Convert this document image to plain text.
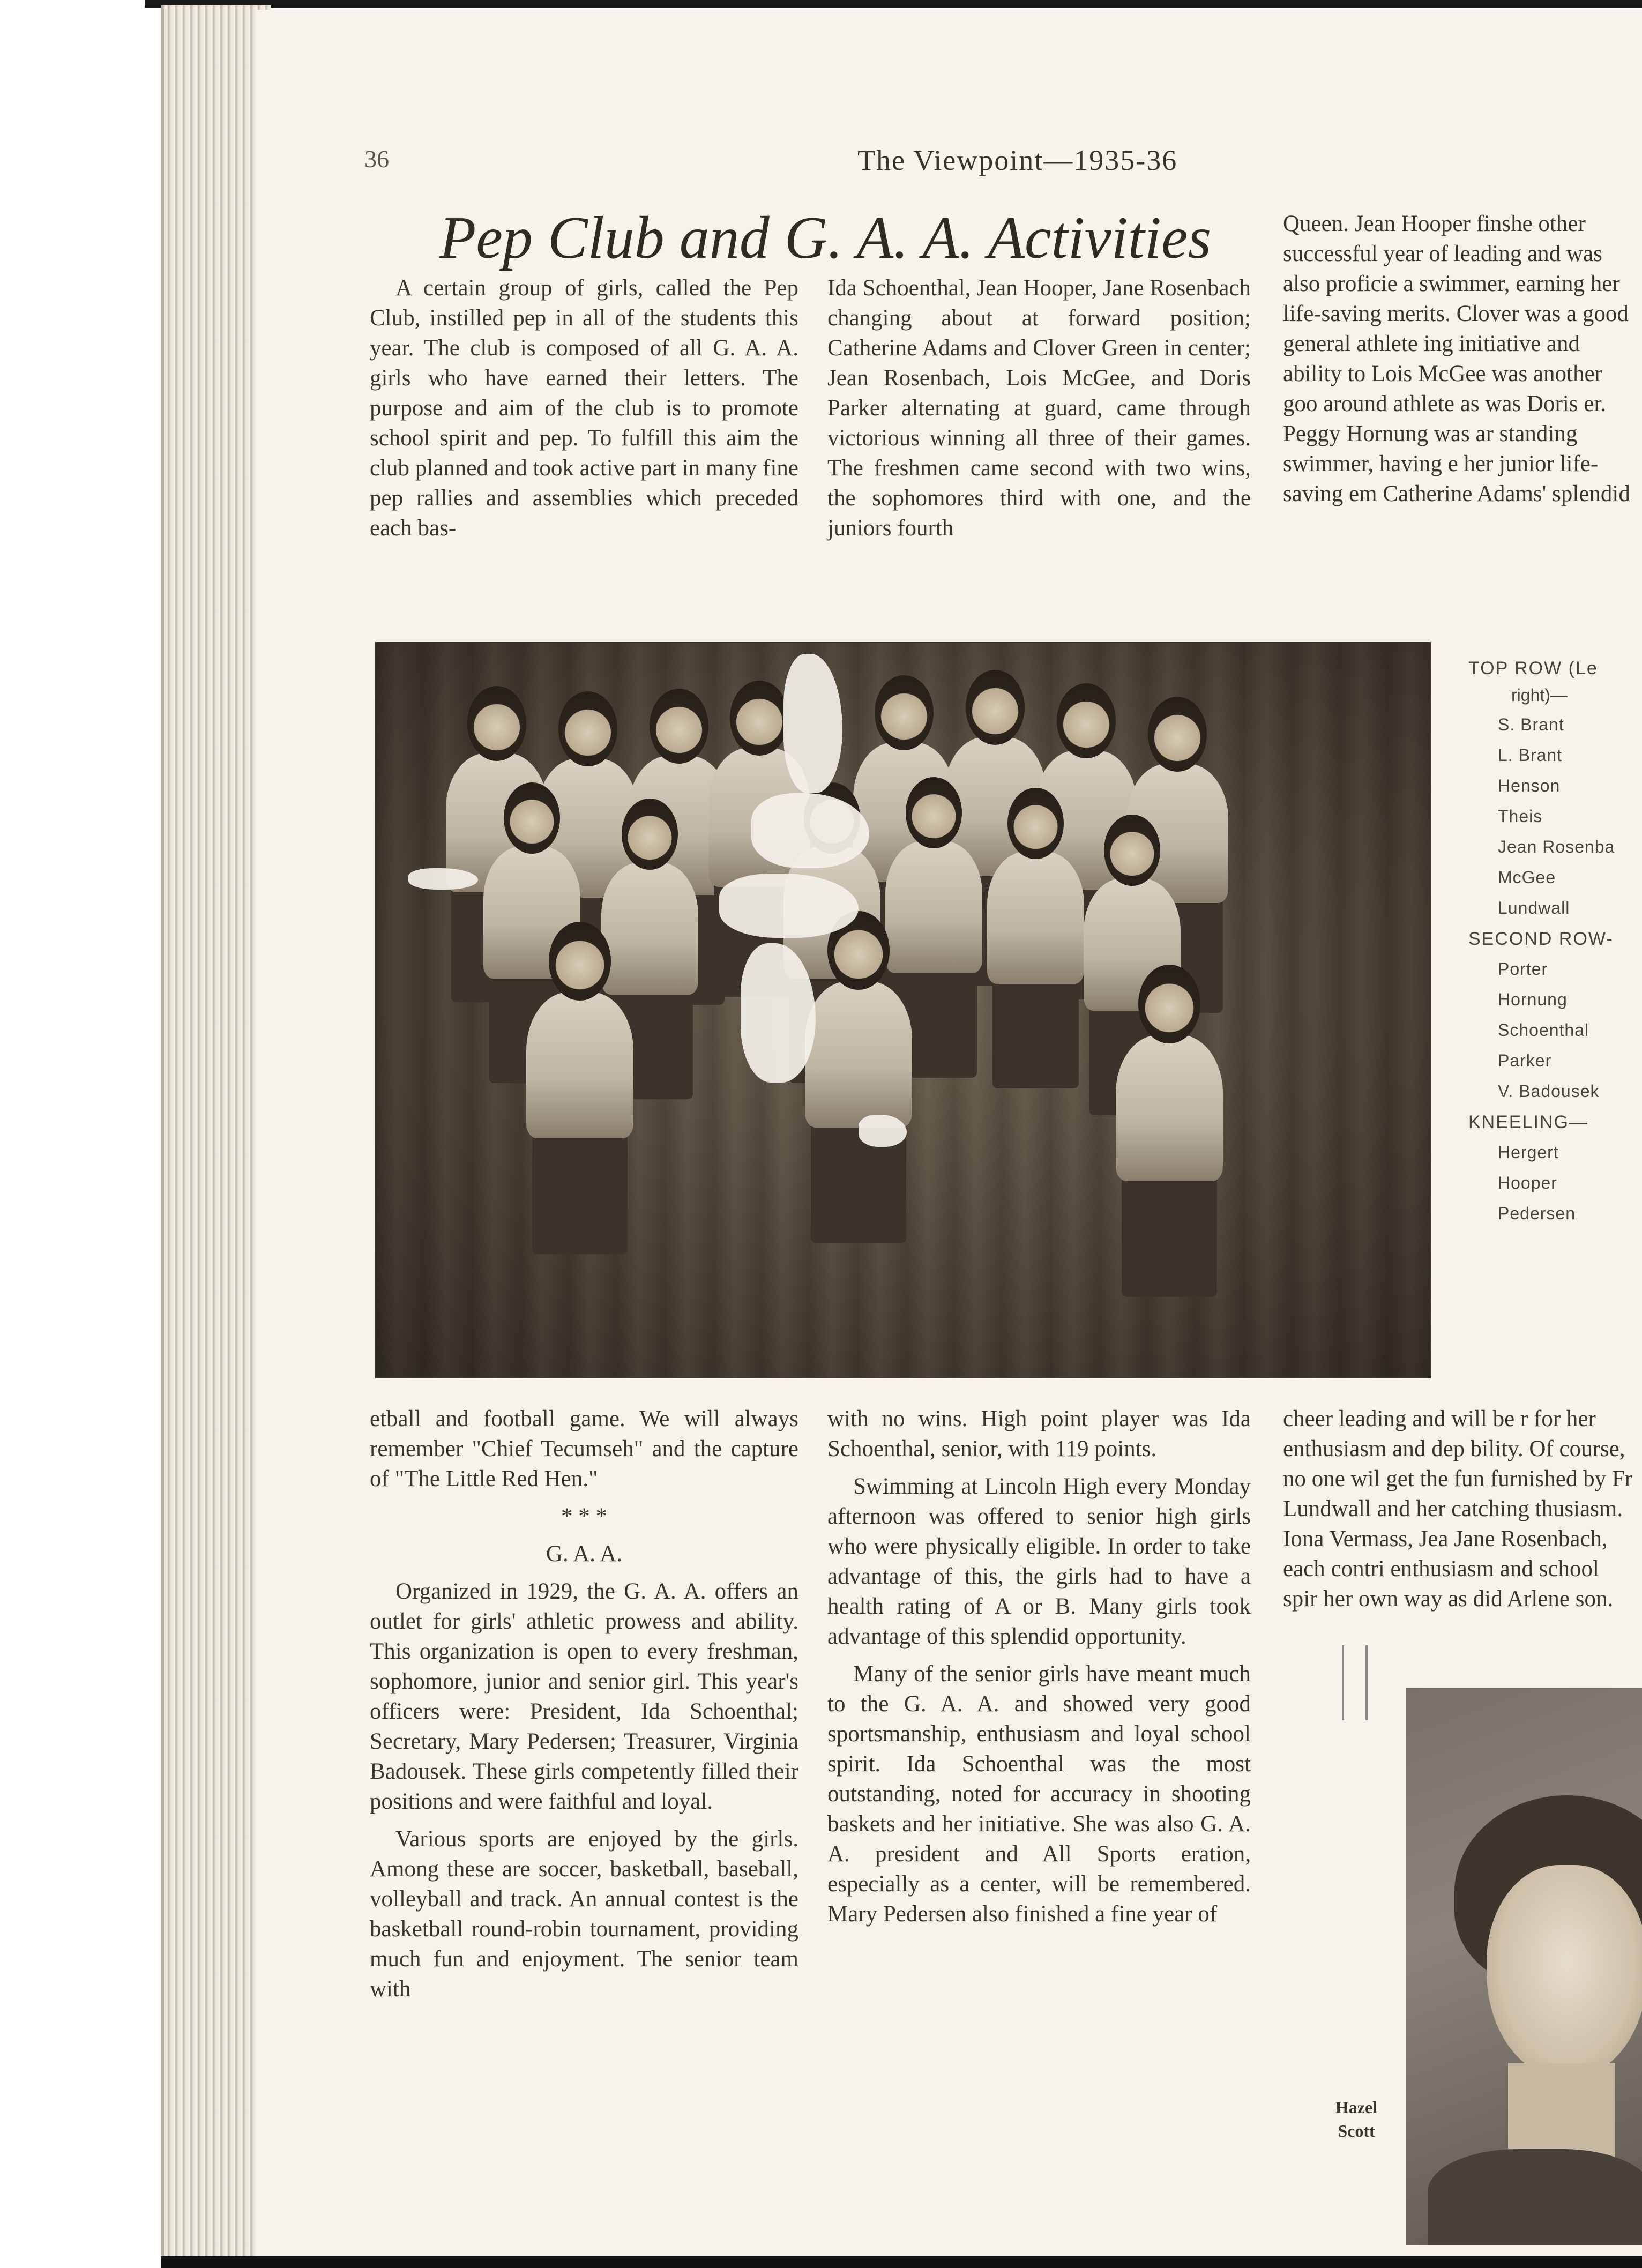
36	The Viewpoint—1935-36
Pep Club and G. A. A. Activities

A certain group of girls, called the Pep Club, instilled pep in all of the students this year. The club is composed of all G. A. A. girls who have earned their letters. The purpose and aim of the club is to promote school spirit and pep. To fulfill this aim the club planned and took active part in many fine pep rallies and assemblies which preceded each bas-

Ida Schoenthal, Jean Hooper, Jane Rosenbach changing about at forward position; Catherine Adams and Clover Green in center; Jean Rosenbach, Lois McGee, and Doris Parker alternating at guard, came through victorious winning all three of their games. The freshmen came second with two wins, the sophomores third with one, and the juniors fourth

Queen. Jean Hooper finshe other successful year of leading and was also proficie a swimmer, earning her life-saving merits. Clover was a good general athlete ing initiative and ability to Lois McGee was another goo around athlete as was Doris er. Peggy Hornung was ar standing swimmer, having e her junior life-saving em Catherine Adams' splendid

TOP ROW (Le
right)—
S. Brant
L. Brant
Henson
Theis
Jean Rosenba
McGee
Lundwall
SECOND ROW-
Porter
Hornung
Schoenthal
Parker
V. Badousek
KNEELING—
Hergert
Hooper
Pedersen

etball and football game. We will always remember "Chief Tecumseh" and the capture of "The Little Red Hen."

* * *
G. A. A.

Organized in 1929, the G. A. A. offers an outlet for girls' athletic prowess and ability. This organization is open to every freshman, sophomore, junior and senior girl. This year's officers were: President, Ida Schoenthal; Secretary, Mary Pedersen; Treasurer, Virginia Badousek. These girls competently filled their positions and were faithful and loyal.

Various sports are enjoyed by the girls. Among these are soccer, basketball, baseball, volleyball and track. An annual contest is the basketball round-robin tournament, providing much fun and enjoyment. The senior team with

with no wins. High point player was Ida Schoenthal, senior, with 119 points.

Swimming at Lincoln High every Monday afternoon was offered to senior high girls who were physically eligible. In order to take advantage of this, the girls had to have a health rating of A or B. Many girls took advantage of this splendid opportunity.

Many of the senior girls have meant much to the G. A. A. and showed very good sportsmanship, enthusiasm and loyal school spirit. Ida Schoenthal was the most outstanding, noted for accuracy in shooting baskets and her initiative. She was also G. A. A. president and All Sports eration, especially as a center, will be remembered. Mary Pedersen also finished a fine year of

cheer leading and will be r for her enthusiasm and dep bility. Of course, no one wil get the fun furnished by Fr Lundwall and her catching thusiasm. Iona Vermass, Jea Jane Rosenbach, each contri enthusiasm and school spir her own way as did Arlene son.

Hazel
Scott
